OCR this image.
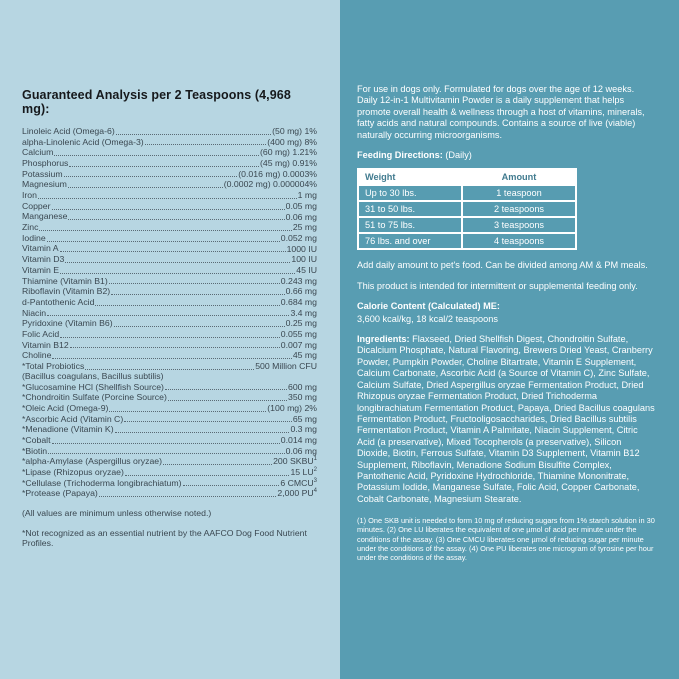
Guaranteed Analysis per 2 Teaspoons (4,968 mg):
Linoleic Acid (Omega-6)	(50 mg) 1%
alpha-Linolenic Acid (Omega-3)	(400 mg) 8%
Calcium	(60 mg) 1.21%
Phosphorus	(45 mg) 0.91%
Potassium	(0.016 mg) 0.0003%
Magnesium	(0.0002 mg) 0.000004%
Iron	1 mg
Copper	0.05 mg
Manganese	0.06 mg
Zinc	25 mg
Iodine	0.052 mg
Vitamin A	1000 IU
Vitamin D3	100 IU
Vitamin E	45 IU
Thiamine (Vitamin B1)	0.243 mg
Riboflavin (Vitamin B2)	0.66 mg
d-Pantothenic Acid	0.684 mg
Niacin	3.4 mg
Pyridoxine (Vitamin B6)	0.25 mg
Folic Acid	0.055 mg
Vitamin B12	0.007 mg
Choline	45 mg
*Total Probiotics	500 Million CFU
(Bacillus coagulans, Bacillus subtilis)
*Glucosamine HCl (Shellfish Source)	600 mg
*Chondroitin Sulfate (Porcine Source)	350 mg
*Oleic Acid (Omega-9)	(100 mg) 2%
*Ascorbic Acid (Vitamin C)	65 mg
*Menadione (Vitamin K)	0.3 mg
*Cobalt	0.014 mg
*Biotin	0.06 mg
*alpha-Amylase (Aspergillus oryzae)	200 SKBU$^1$
*Lipase (Rhizopus oryzae)	15 $LU^2$
*Cellulase (Trichoderma longibrachiatum)	6 CMCU$^3$
*Protease (Papaya)	2,000 $PU^4$

(All values are minimum unless otherwise noted.)

*Not recognized as an essential nutrient by the AAFCO Dog Food Nutrient Profiles.

For use in dogs only. Formulated for dogs over the age of 12 weeks. Daily 12-in-1 Multivitamin Powder is a daily supplement that helps promote overall health & wellness through a host of vitamins, minerals, fatty acids and natural compounds. Contains a source of live (viable) naturally occurring microorganisms.

Feeding Directions: (Daily)

Weight	Amount
Up to 30 lbs.	1 teaspoon
31 to 50 lbs.	2 teaspoons
51 to 75 lbs.	3 teaspoons
76 lbs. and over	4 teaspoons

Add daily amount to pet's food. Can be divided among AM & PM meals.

This product is intended for intermittent or supplemental feeding only.

Calorie Content (Calculated) ME:

3,600 kcal/kg, 18 kcal/2 teaspoons

Ingredients: Flaxseed, Dried Shellfish Digest, Chondroitin Sulfate, Dicalcium Phosphate, Natural Flavoring, Brewers Dried Yeast, Cranberry Powder, Pumpkin Powder, Choline Bitartrate, Vitamin E Supplement, Calcium Carbonate, Ascorbic Acid (a Source of Vitamin C), Zinc Sulfate, Calcium Sulfate, Dried Aspergillus oryzae Fermentation Product, Dried Rhizopus oryzae Fermentation Product, Dried Trichoderma longibrachiatum Fermentation Product, Papaya, Dried Bacillus coagulans Fermentation Product, Fructooligosaccharides, Dried Bacillus subtilis Fermentation Product, Vitamin A Palmitate, Niacin Supplement, Citric Acid (a preservative), Mixed Tocopherols (a preservative), Silicon Dioxide, Biotin, Ferrous Sulfate, Vitamin D3 Supplement, Vitamin B12 Supplement, Riboflavin, Menadione Sodium Bisulfite Complex, Pantothenic Acid, Pyridoxine Hydrochloride, Thiamine Mononitrate, Potassium Iodide, Manganese Sulfate, Folic Acid, Copper Carbonate, Cobalt Carbonate, Magnesium Stearate.

(1) One SKB unit is needed to form 10 mg of reducing sugars from 1% starch solution in 30 minutes. (2) One LU liberates the equivalent of one µmol of acid per minute under the conditions of the assay. (3) One CMCU liberates one µmol of reducing sugar per minute under the conditions of the assay. (4) One PU liberates one microgram of tyrosine per hour under the conditions of the assay.
